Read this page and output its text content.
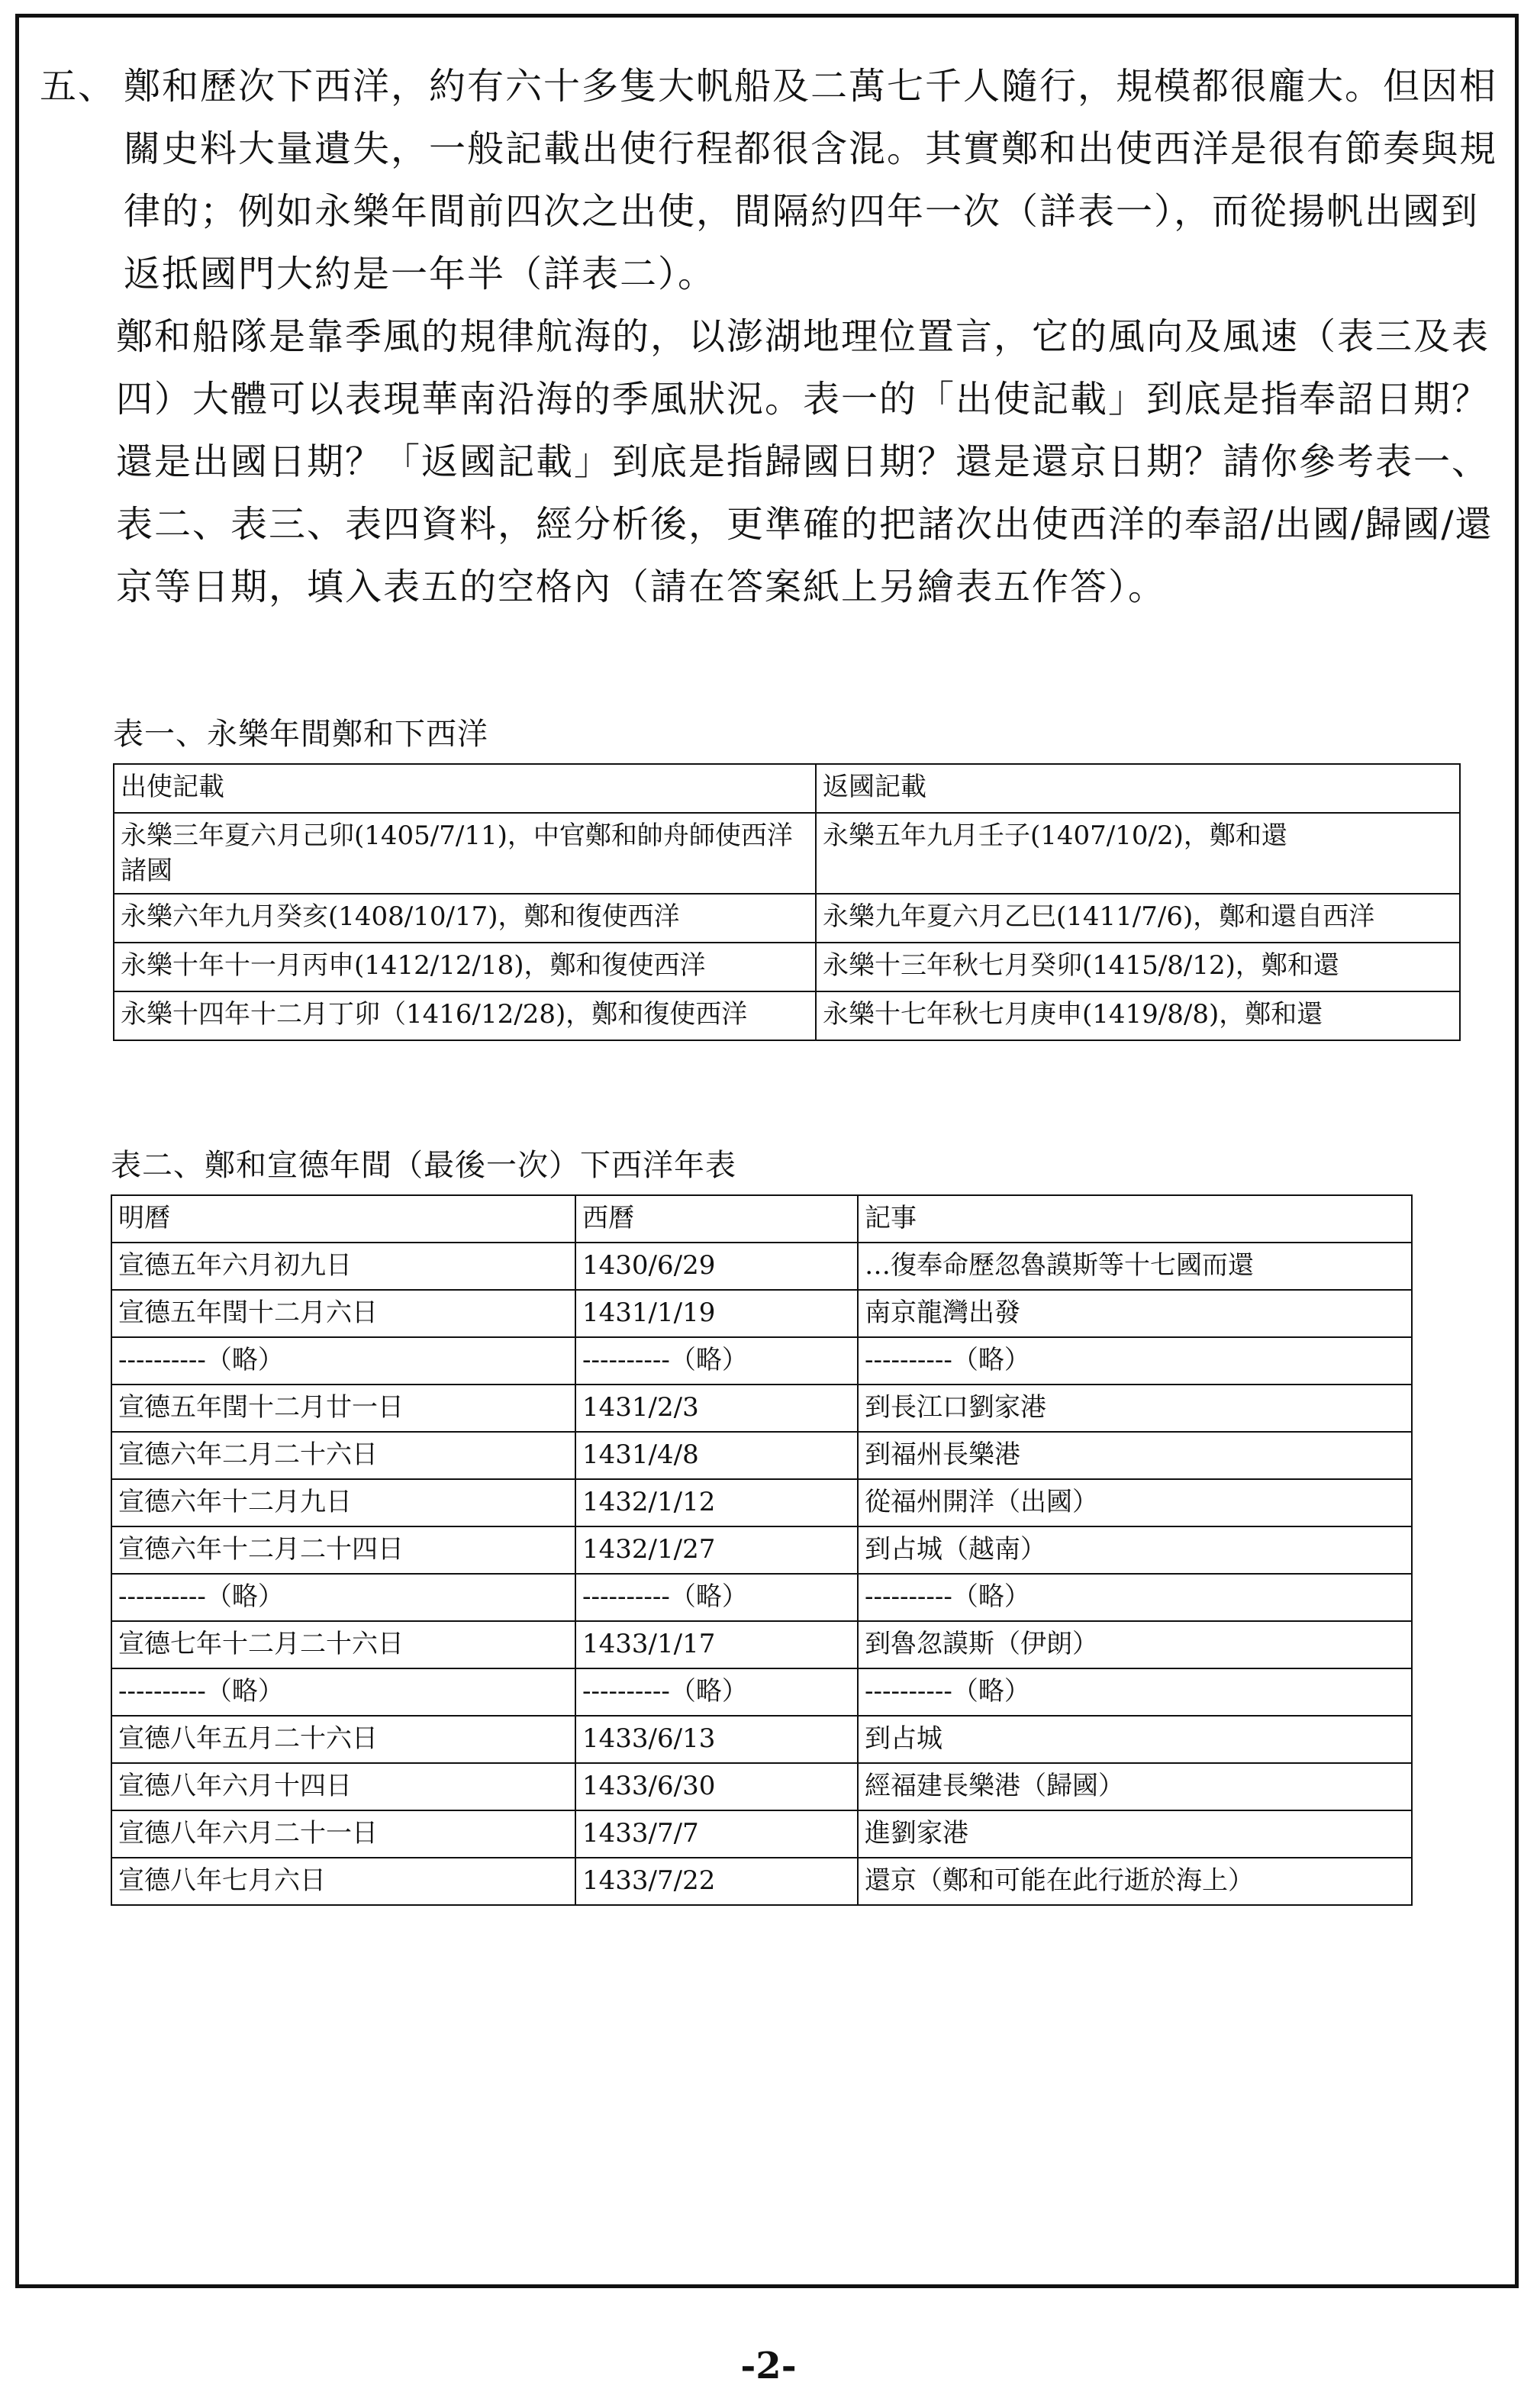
五、 鄭和歷次下西洋，約有六十多隻大帆船及二萬七千人隨行，規模都很龐大。但因相關史料大量遺失，一般記載出使行程都很含混。其實鄭和出使西洋是很有節奏與規律的；例如永樂年間前四次之出使，間隔約四年一次（詳表一），而從揚帆出國到返抵國門大約是一年半（詳表二）。
鄭和船隊是靠季風的規律航海的，以澎湖地理位置言，它的風向及風速（表三及表四）大體可以表現華南沿海的季風狀況。表一的「出使記載」到底是指奉詔日期？還是出國日期？「返國記載」到底是指歸國日期？還是還京日期？請你參考表一、表二、表三、表四資料，經分析後，更準確的把諸次出使西洋的奉詔/出國/歸國/還京等日期，填入表五的空格內（請在答案紙上另繪表五作答）。
表一、永樂年間鄭和下西洋
出使記載	返國記載
永樂三年夏六月己卯(1405/7/11)，中官鄭和帥舟師使西洋諸國	永樂五年九月壬子(1407/10/2)，鄭和還
永樂六年九月癸亥(1408/10/17)，鄭和復使西洋	永樂九年夏六月乙巳(1411/7/6)，鄭和還自西洋
永樂十年十一月丙申(1412/12/18)，鄭和復使西洋	永樂十三年秋七月癸卯(1415/8/12)，鄭和還
永樂十四年十二月丁卯（1416/12/28)，鄭和復使西洋	永樂十七年秋七月庚申(1419/8/8)，鄭和還
表二、鄭和宣德年間（最後一次）下西洋年表
明曆	西曆	記事
宣德五年六月初九日	1430/6/29	…復奉命歷忽魯謨斯等十七國而還
宣德五年閏十二月六日	1431/1/19	南京龍灣出發
----------（略）	----------（略）	----------（略）
宣德五年閏十二月廿一日	1431/2/3	到長江口劉家港
宣德六年二月二十六日	1431/4/8	到福州長樂港
宣德六年十二月九日	1432/1/12	從福州開洋（出國）
宣德六年十二月二十四日	1432/1/27	到占城（越南）
----------（略）	----------（略）	----------（略）
宣德七年十二月二十六日	1433/1/17	到魯忽謨斯（伊朗）
----------（略）	----------（略）	----------（略）
宣德八年五月二十六日	1433/6/13	到占城
宣德八年六月十四日	1433/6/30	經福建長樂港（歸國）
宣德八年六月二十一日	1433/7/7	進劉家港
宣德八年七月六日	1433/7/22	還京（鄭和可能在此行逝於海上）
-2-
